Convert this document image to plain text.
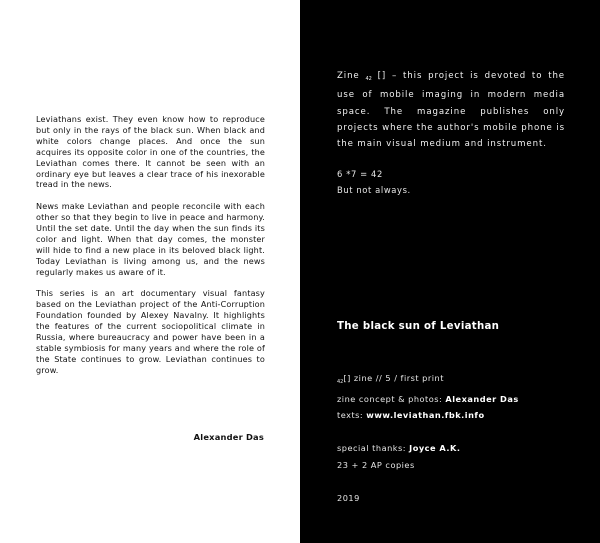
Leviathans exist. They even know how to reproduce but only in the rays of the black sun. When black and white colors change places. And once the sun acquires its opposite color in one of the countries, the Leviathan comes there. It cannot be seen with an ordinary eye but leaves a clear trace of his inexorable tread in the news.

News make Leviathan and people reconcile with each other so that they begin to live in peace and harmony. Until the set date. Until the day when the sun finds its color and light. When that day comes, the monster will hide to find a new place in its beloved black light. Today Leviathan is living among us, and the news regularly makes us aware of it.

This series is an art documentary visual fantasy based on the Leviathan project of the Anti-Corruption Foundation founded by Alexey Navalny. It highlights the features of the current sociopolitical climate in Russia, where bureaucracy and power have been in a stable symbiosis for many years and where the role of the State continues to grow. Leviathan continues to grow.

Alexander Das
Zine $_{42}$ [] – this project is devoted to the use of mobile imaging in modern media space. The magazine publishes only projects where the author's mobile phone is the main visual medium and instrument.
6 *7 = 42
But not always.
The black sun of Leviathan
$_{42}$[] zine // 5 / first print
zine concept & photos: Alexander Das
texts: www.leviathan.fbk.info
special thanks: Joyce A.K.
23 + 2 AP copies
2019
